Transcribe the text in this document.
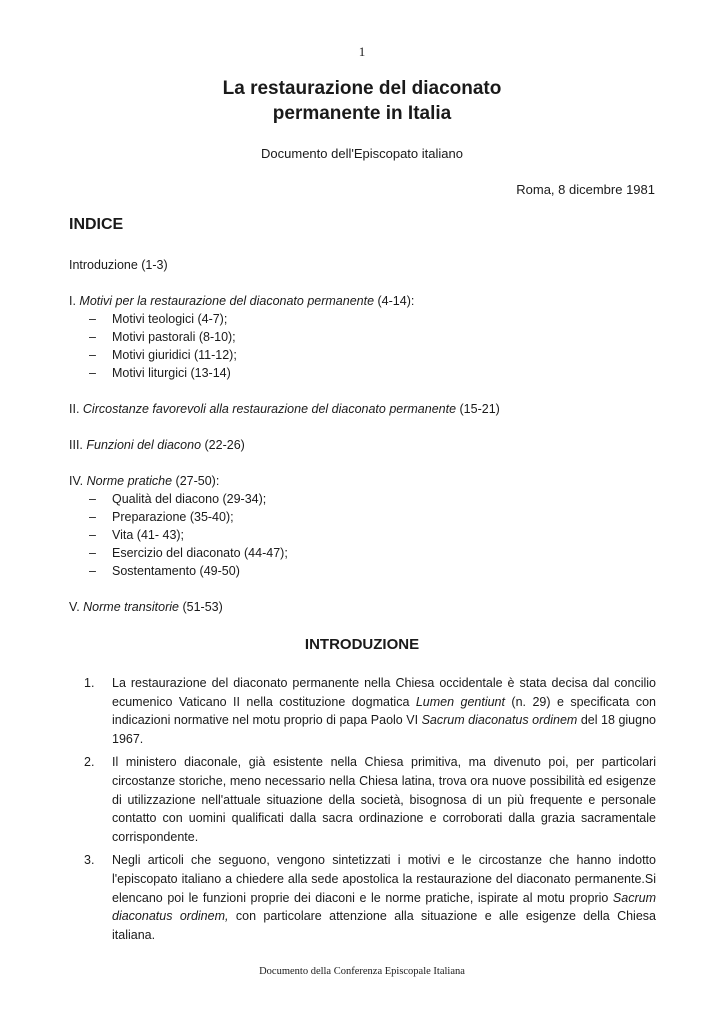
1
La restaurazione del diaconato
permanente in Italia
Documento dell'Episcopato italiano
Roma, 8 dicembre 1981
INDICE
Introduzione (1-3)
I. Motivi per la restaurazione del diaconato permanente (4-14):
– Motivi teologici (4-7);
– Motivi pastorali (8-10);
– Motivi giuridici (11-12);
– Motivi liturgici (13-14)
II. Circostanze favorevoli alla restaurazione del diaconato permanente (15-21)
III. Funzioni del diacono (22-26)
IV. Norme pratiche (27-50):
– Qualità del diacono (29-34);
– Preparazione (35-40);
– Vita (41- 43);
– Esercizio del diaconato (44-47);
– Sostentamento (49-50)
V. Norme transitorie (51-53)
INTRODUZIONE
1. La restaurazione del diaconato permanente nella Chiesa occidentale è stata decisa dal concilio ecumenico Vaticano II nella costituzione dogmatica Lumen gentiunt (n. 29) e specificata con indicazioni normative nel motu proprio di papa Paolo VI Sacrum diaconatus ordinem del 18 giugno 1967.
2. Il ministero diaconale, già esistente nella Chiesa primitiva, ma divenuto poi, per particolari circostanze storiche, meno necessario nella Chiesa latina, trova ora nuove possibilità ed esigenze di utilizzazione nell'attuale situazione della società, bisognosa di un più frequente e personale contatto con uomini qualificati dalla sacra ordinazione e corroborati dalla grazia sacramentale corrispondente.
3. Negli articoli che seguono, vengono sintetizzati i motivi e le circostanze che hanno indotto l'episcopato italiano a chiedere alla sede apostolica la restaurazione del diaconato permanente.Si elencano poi le funzioni proprie dei diaconi e le norme pratiche, ispirate al motu proprio Sacrum diaconatus ordinem, con particolare attenzione alla situazione e alle esigenze della Chiesa italiana.
Documento della Conferenza Episcopale Italiana
